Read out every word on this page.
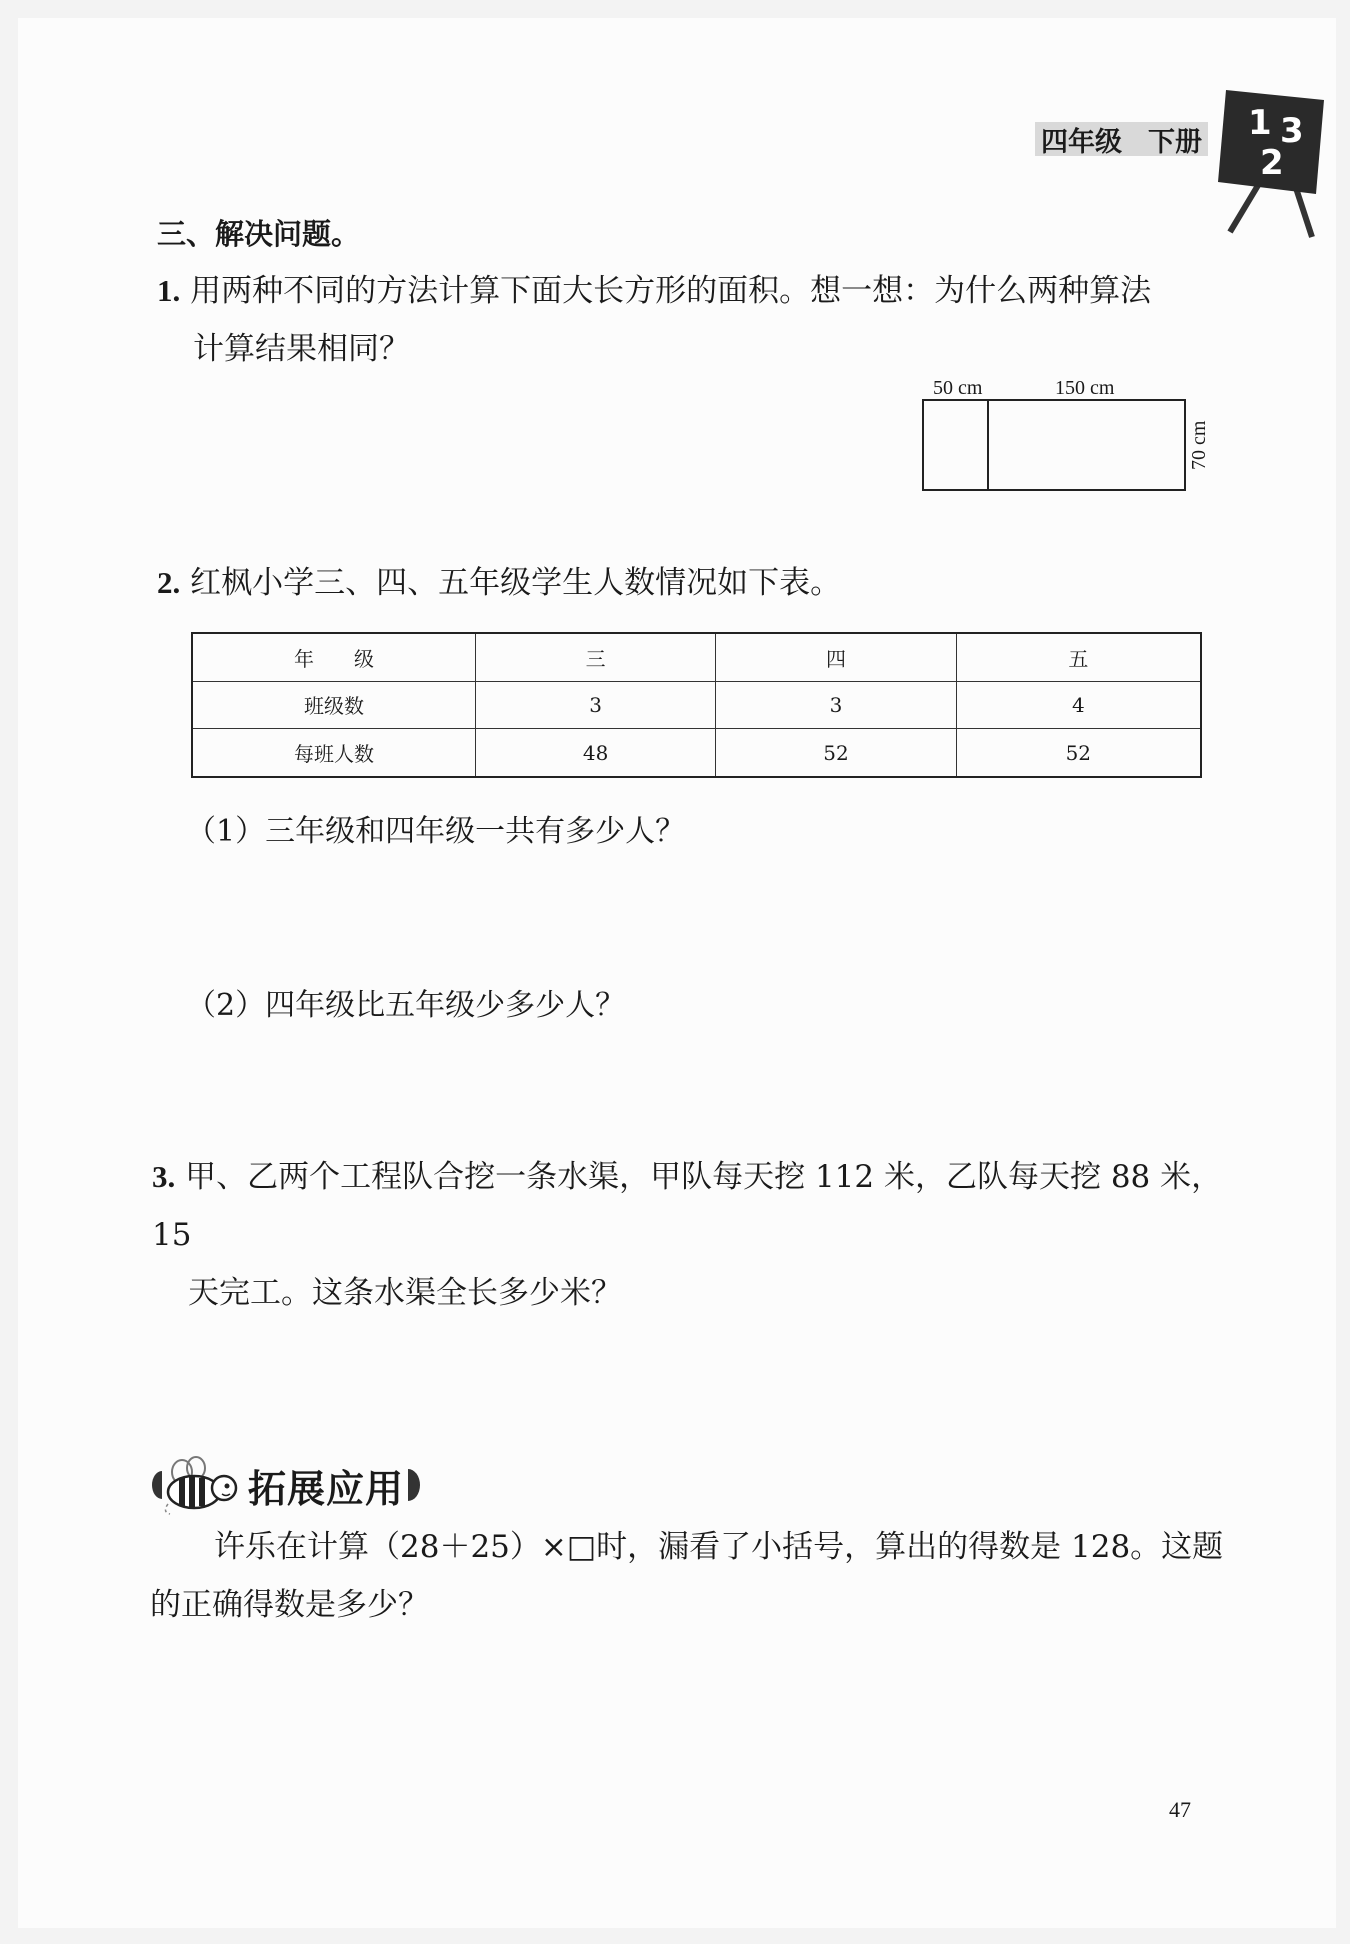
四年级 下册 1 3
2
三、解决问题。
1. 用两种不同的方法计算下面大长方形的面积。想一想：为什么两种算法
计算结果相同？
50 cm	150 cm
70 cm
2. 红枫小学三、四、五年级学生人数情况如下表。
年　　级	三	四	五
班级数	3	3	4
每班人数	48	52	52
（1）三年级和四年级一共有多少人？
（2）四年级比五年级少多少人？
3. 甲、乙两个工程队合挖一条水渠，甲队每天挖 112 米，乙队每天挖 88 米，15
天完工。这条水渠全长多少米？
拓展应用
许乐在计算（28＋25）×□时，漏看了小括号，算出的得数是 128。这题
的正确得数是多少？
47
